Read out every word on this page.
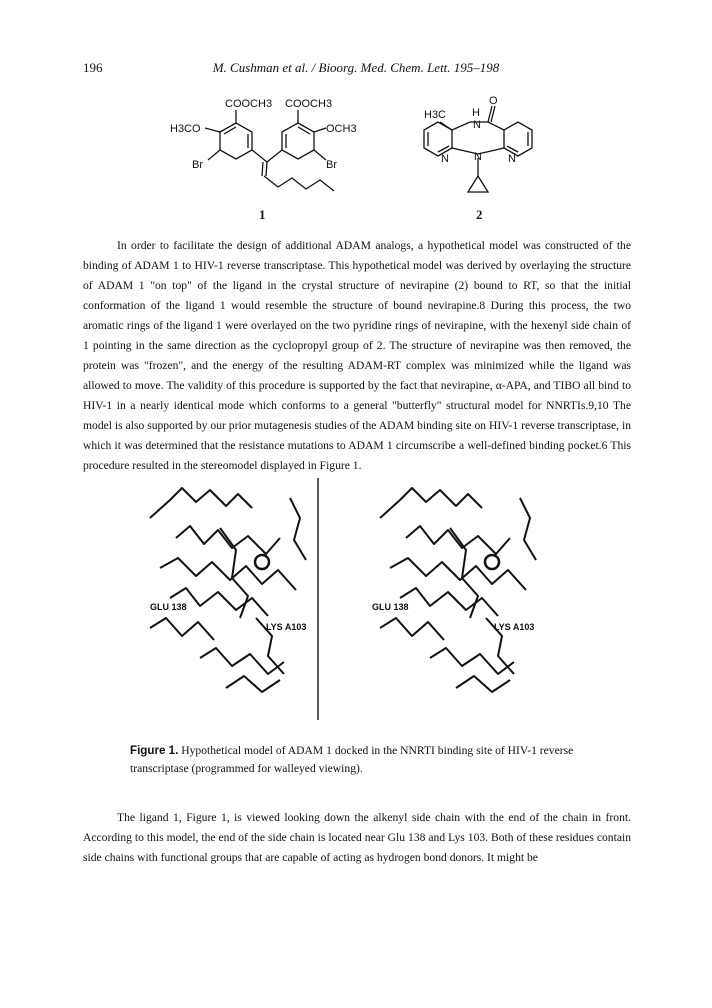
196	M. Cushman et al. / Bioorg. Med. Chem. Lett. 195–198
COOCH3 COOCH3
H3CO	OCH3
Br	Br
H3C H
O
N
N
N	N
1	2

In order to facilitate the design of additional ADAM analogs, a hypothetical model was constructed of the binding of ADAM 1 to HIV-1 reverse transcriptase. This hypothetical model was derived by overlaying the structure of ADAM 1 "on top" of the ligand in the crystal structure of nevirapine (2) bound to RT, so that the initial conformation of the ligand 1 would resemble the structure of bound nevirapine.8 During this process, the two aromatic rings of the ligand 1 were overlayed on the two pyridine rings of nevirapine, with the hexenyl side chain of 1 pointing in the same direction as the cyclopropyl group of 2. The structure of nevirapine was then removed, the protein was "frozen", and the energy of the resulting ADAM-RT complex was minimized while the ligand was allowed to move. The validity of this procedure is supported by the fact that nevirapine, α-APA, and TIBO all bind to HIV-1 in a nearly identical mode which conforms to a general "butterfly" structural model for NNRTIs.9,10 The model is also supported by our prior mutagenesis studies of the ADAM binding site on HIV-1 reverse transcriptase, in which it was determined that the resistance mutations to ADAM 1 circumscribe a well-defined binding pocket.6 This procedure resulted in the stereomodel displayed in Figure 1.

GLU 138
LYS A103
GLU 138
LYS A103
Figure 1. Hypothetical model of ADAM 1 docked in the NNRTI binding site of HIV-1 reverse transcriptase (programmed for walleyed viewing).

The ligand 1, Figure 1, is viewed looking down the alkenyl side chain with the end of the chain in front. According to this model, the end of the side chain is located near Glu 138 and Lys 103. Both of these residues contain side chains with functional groups that are capable of acting as hydrogen bond donors. It might be
